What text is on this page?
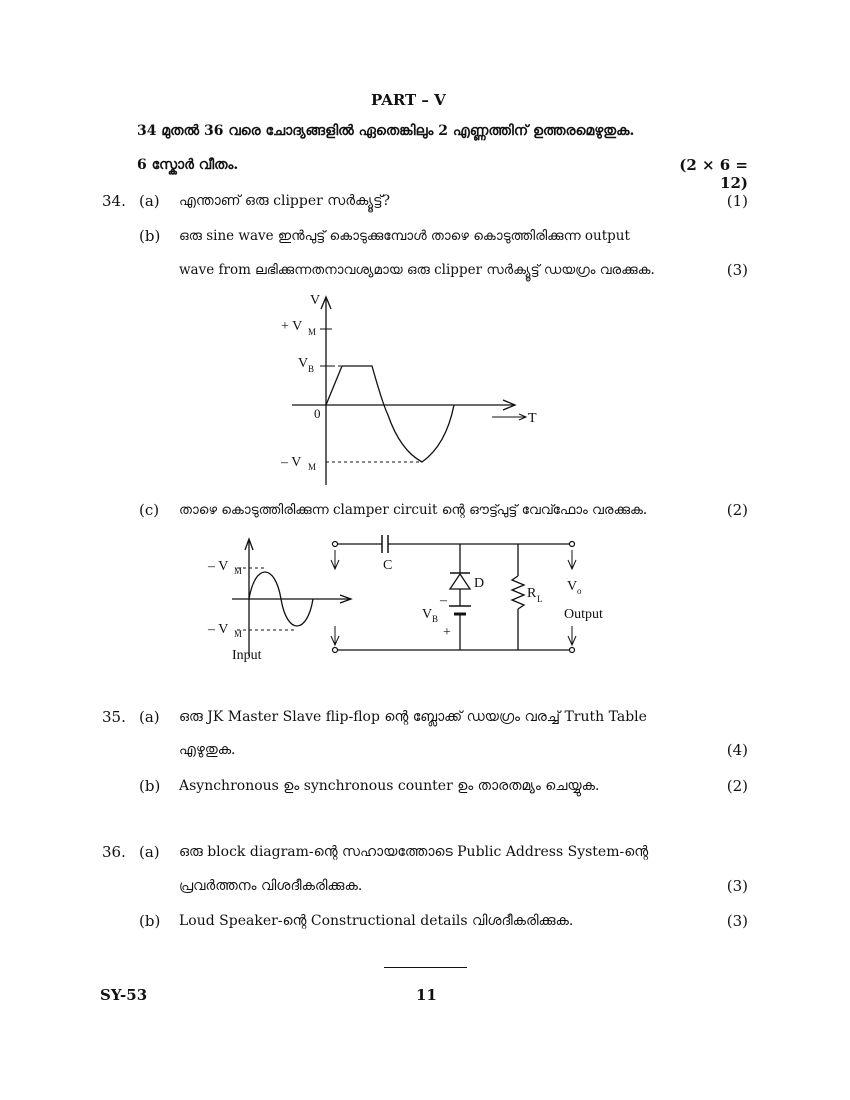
PART – V
34 മുതൽ 36 വരെ ചോദ്യങ്ങളിൽ ഏതെങ്കിലും 2 എണ്ണത്തിന് ഉത്തരമെഴുതുക.
6 സ്കോർ വീതം.	(2 × 6 = 12)
34. (a) എന്താണ് ഒരു clipper സർക്യൂട്ട്?	(1)
(b) ഒരു sine wave ഇൻപുട്ട് കൊടുക്കുമ്പോൾ താഴെ കൊടുത്തിരിക്കുന്ന output
wave from ലഭിക്കുന്നതനാവശ്യമായ ഒരു clipper സർക്യൂട്ട് ഡയഗ്രം വരക്കുക.	(3)
V
T
+ V M
V B
0
– V M
(c) താഴെ കൊടുത്തിരിക്കുന്ന clamper circuit ന്റെ ഔട്ട്പുട്ട് വേവ്ഫോം വരക്കുക.	(2)
– V M
– V M
Input
C
D
V B
–
+
R L
V o
Output
35. (a) ഒരു JK Master Slave flip-flop ന്റെ ബ്ലോക്ക് ഡയഗ്രം വരച്ച് Truth Table
എഴുതുക.	(4)
(b) Asynchronous ഉം synchronous counter ഉം താരതമ്യം ചെയ്യുക.	(2)
36. (a) ഒരു block diagram-ന്റെ സഹായത്തോടെ Public Address System-ന്റെ
പ്രവർത്തനം വിശദീകരിക്കുക.	(3)
(b) Loud Speaker-ന്റെ Constructional details വിശദീകരിക്കുക.	(3)
SY-53	11
